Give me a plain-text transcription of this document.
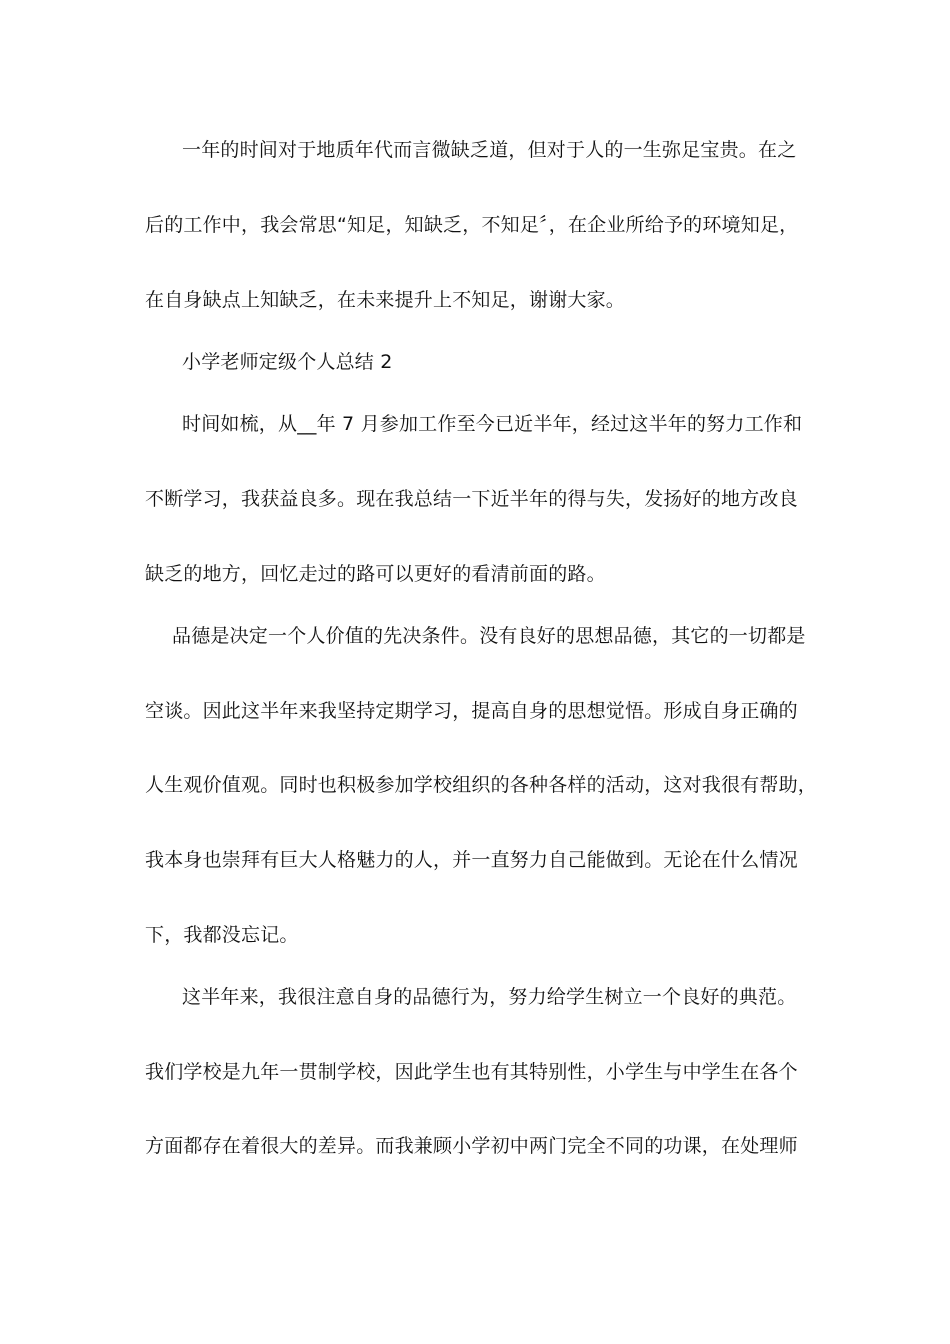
一年的时间对于地质年代而言微缺乏道，但对于人的一生弥足宝贵。在之
后的工作中，我会常思“知足，知缺乏，不知足〞，在企业所给予的环境知足，
在自身缺点上知缺乏，在未来提升上不知足，谢谢大家。
小学老师定级个人总结 2
时间如梳，从__年 7 月参加工作至今已近半年，经过这半年的努力工作和
不断学习，我获益良多。现在我总结一下近半年的得与失，发扬好的地方改良
缺乏的地方，回忆走过的路可以更好的看清前面的路。
品德是决定一个人价值的先决条件。没有良好的思想品德，其它的一切都是
空谈。因此这半年来我坚持定期学习，提高自身的思想觉悟。形成自身正确的
人生观价值观。同时也积极参加学校组织的各种各样的活动，这对我很有帮助，
我本身也崇拜有巨大人格魅力的人，并一直努力自己能做到。无论在什么情况
下，我都没忘记。
这半年来，我很注意自身的品德行为，努力给学生树立一个良好的典范。
我们学校是九年一贯制学校，因此学生也有其特别性，小学生与中学生在各个
方面都存在着很大的差异。而我兼顾小学初中两门完全不同的功课，在处理师
